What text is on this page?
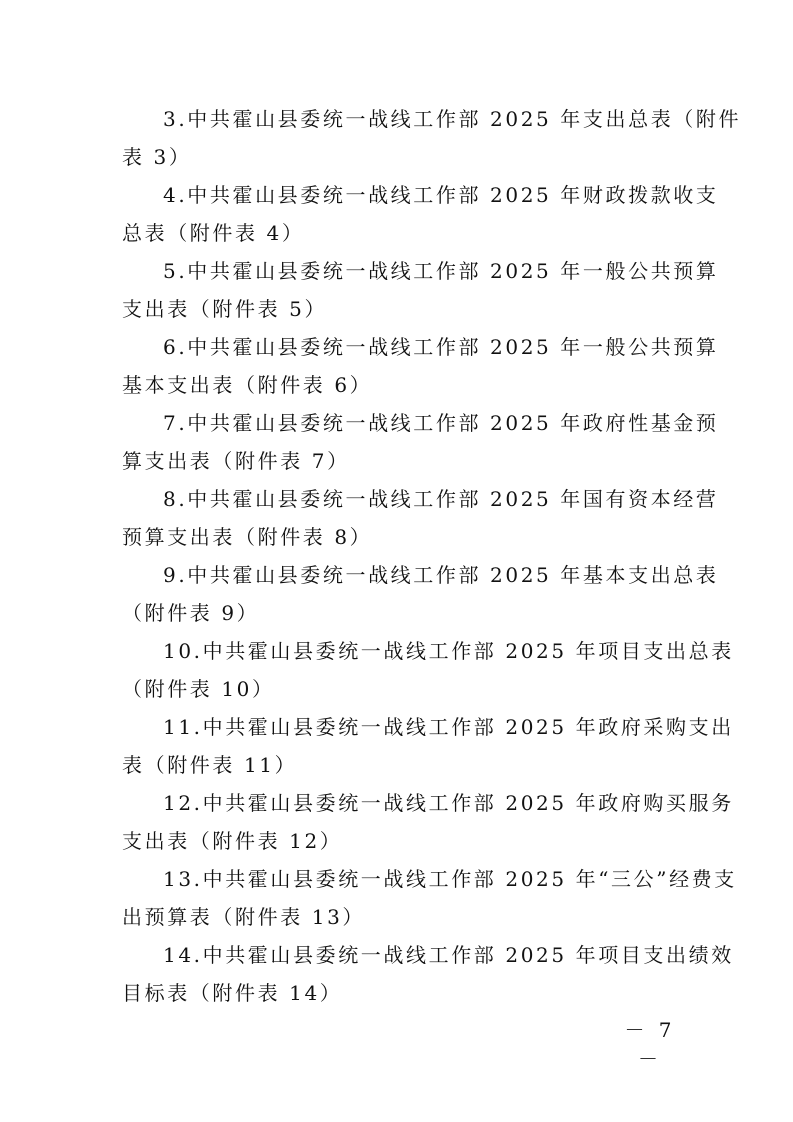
3.中共霍山县委统一战线工作部 2025 年支出总表（附件
表 3）
4.中共霍山县委统一战线工作部 2025 年财政拨款收支
总表（附件表 4）
5.中共霍山县委统一战线工作部 2025 年一般公共预算
支出表（附件表 5）
6.中共霍山县委统一战线工作部 2025 年一般公共预算
基本支出表（附件表 6）
7.中共霍山县委统一战线工作部 2025 年政府性基金预
算支出表（附件表 7）
8.中共霍山县委统一战线工作部 2025 年国有资本经营
预算支出表（附件表 8）
9.中共霍山县委统一战线工作部 2025 年基本支出总表
（附件表 9）
10.中共霍山县委统一战线工作部 2025 年项目支出总表
（附件表 10）
11.中共霍山县委统一战线工作部 2025 年政府采购支出
表（附件表 11）
12.中共霍山县委统一战线工作部 2025 年政府购买服务
支出表（附件表 12）
13.中共霍山县委统一战线工作部 2025 年“三公”经费支
出预算表（附件表 13）
14.中共霍山县委统一战线工作部 2025 年项目支出绩效
目标表（附件表 14）
－ 7 －
